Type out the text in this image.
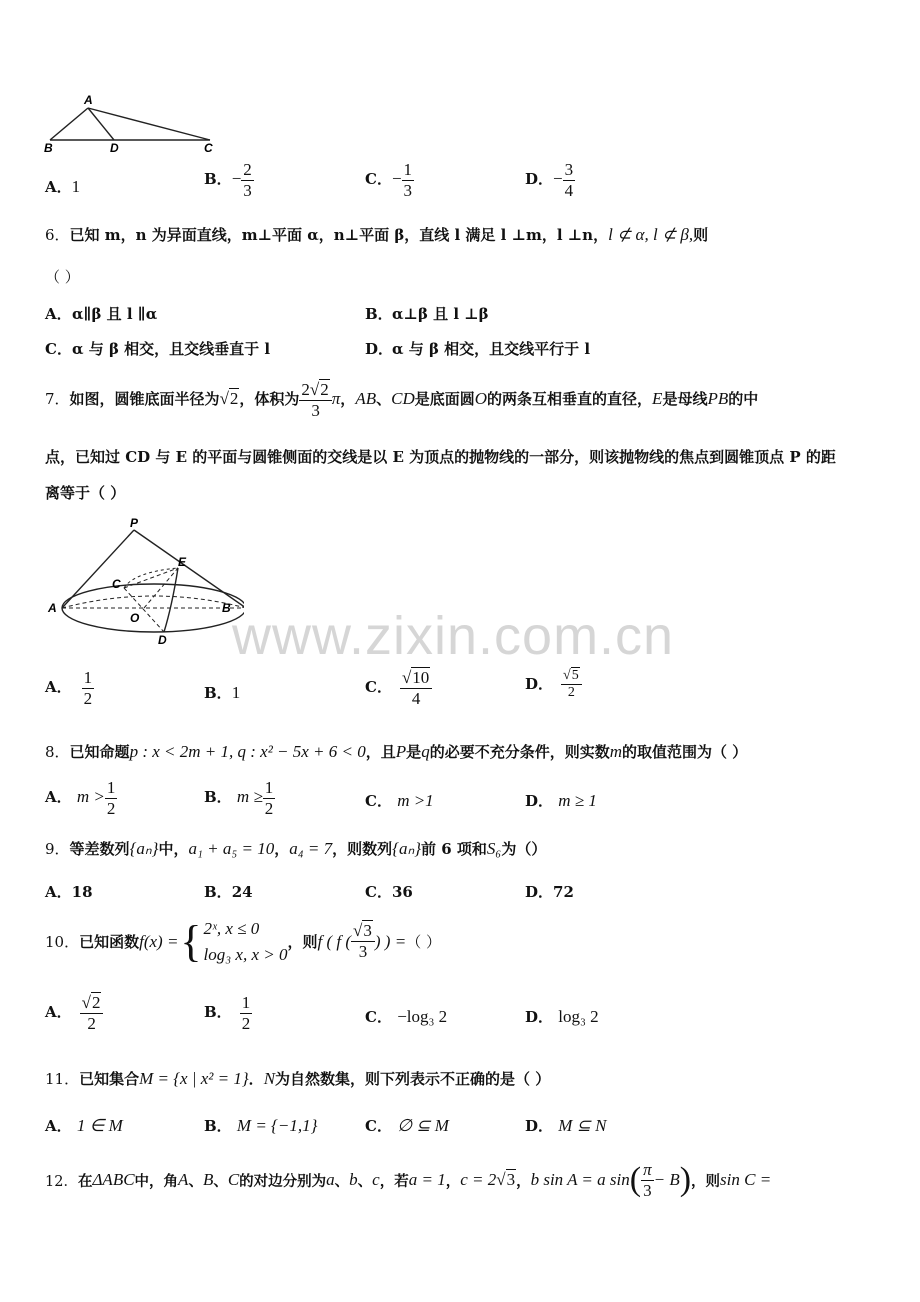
www.zixin.com.cn
A
B	D	C
A．1	B．− $\frac{2}{3}$	C．− $\frac{1}{3}$	D．− $\frac{3}{4}$
6．已知 m，n 为异面直线，m⊥平面 α，n⊥平面 β，直线 l 满足 l ⊥m，l ⊥n，l ⊄ α, l ⊄ β,则
（ ）
A． α∥β 且 l ∥α	B． α⊥β 且 l ⊥β
C． α 与 β 相交，且交线垂直于 l	D．
α 与 β 相交，且交线平行于 l
7．如图，圆锥底面半径为√2，体积为 $\frac{2√2}{3}$ π，AB、CD是底面圆O的两条互相垂直的直径，E是母线PB的中
点，已知过 CD 与 E 的平面与圆锥侧面的交线是以 E 为顶点的抛物线的一部分，则该抛物线的焦点到圆锥顶点 P 的距
离等于（ ）
P
E
C
A
O
B
D
A． $\frac{1}{2}$	B．1	C． $\frac{√10}{4}$	D． $\frac{√5}{2}$
8．已知命题p : x < 2m + 1, q : x² − 5x + 6 < 0，且P是q的必要不充分条件，则实数m的取值范围为（ ）
A． $m > \frac{1}{2}$	B． $m \ge \frac{1}{2}$	C． m >1	D． m ≥ 1
9．等差数列{aₙ}中，a₁ + a₅ = 10，a₄ = 7，则数列{aₙ}前 6 项和S₆为（）
A．18	B．24	C．36	D．72
10． 已知函数 f(x) = { 2ˣ, x ≤ 0
log₃ x, x > 0
，则 f ( f ( $\frac{√3}{3}$ ) ) = （ ）
A． $\frac{√2}{2}$	B． $\frac{1}{2}$	C． −log₃ 2	D． log₃ 2
11．已知集合M = {x | x² = 1}．N为自然数集，则下列表示不正确的是（ ）
A． 1 ∈ M	B． M = {−1,1}	C． ∅ ⊆ M	D． M ⊆ N
12． 在 ΔABC 中，角 A 、 B 、 C 的对边分别为 a 、 b 、 c ，若 a = 1 ， c = 2 √3 ， b sin A = a sin ( $\frac{\pi}{3} - B$ ) ，则 sin C =
